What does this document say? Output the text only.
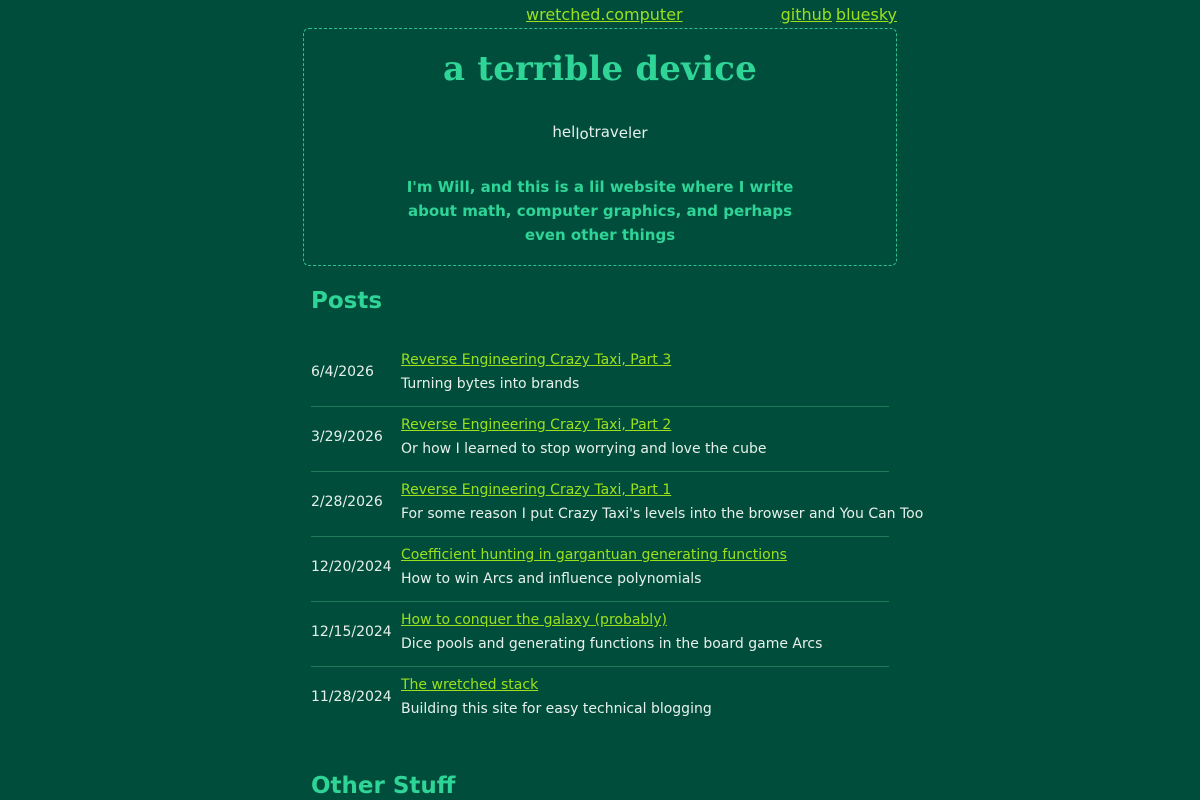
wretched.computer	github bluesky
a terrible device
hellotraveler
I'm Will, and this is a lil website where I write about math, computer graphics, and perhaps even other things
Posts
6/4/2026
Reverse Engineering Crazy Taxi, Part 3
Turning bytes into brands
3/29/2026
Reverse Engineering Crazy Taxi, Part 2
Or how I learned to stop worrying and love the cube
2/28/2026
Reverse Engineering Crazy Taxi, Part 1
For some reason I put Crazy Taxi's levels into the browser and You Can Too
12/20/2024
Coefficient hunting in gargantuan generating functions
How to win Arcs and influence polynomials
12/15/2024
How to conquer the galaxy (probably)
Dice pools and generating functions in the board game Arcs
11/28/2024
The wretched stack
Building this site for easy technical blogging
Other Stuff
